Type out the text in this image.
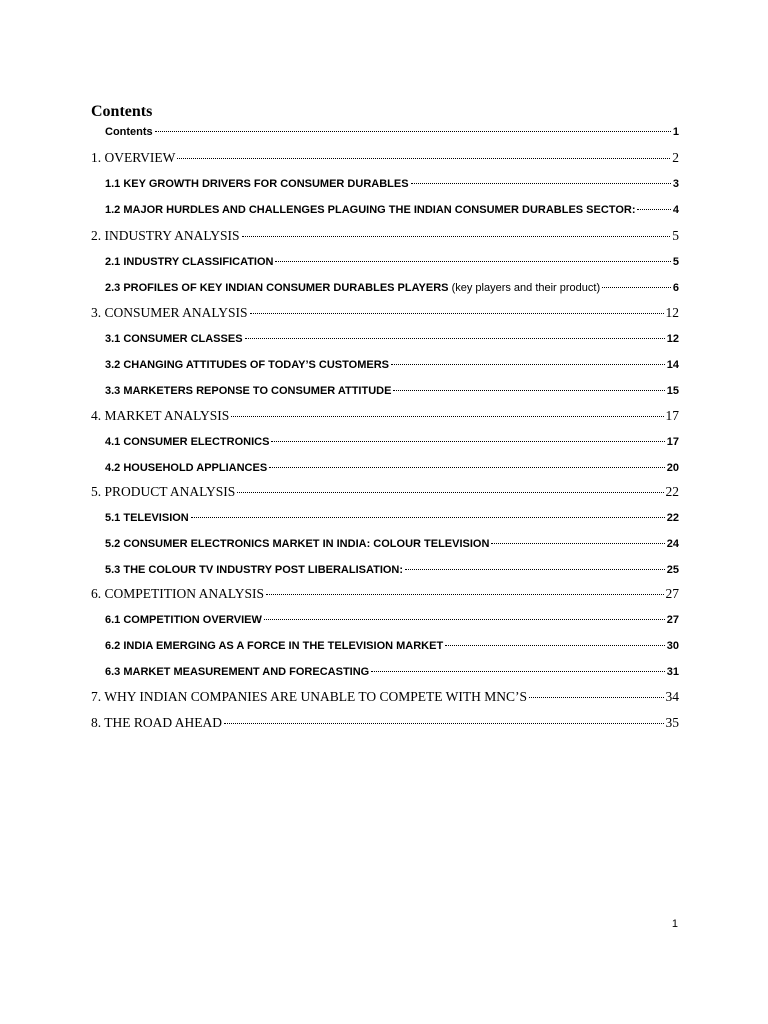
Contents
Contents	1
1. OVERVIEW	2
1.1 KEY GROWTH DRIVERS FOR CONSUMER DURABLES	3
1.2 MAJOR HURDLES AND CHALLENGES PLAGUING THE INDIAN CONSUMER DURABLES SECTOR:	4
2. INDUSTRY ANALYSIS	5
2.1 INDUSTRY CLASSIFICATION	5
2.3 PROFILES OF KEY INDIAN CONSUMER DURABLES PLAYERS (key players and their product)	6
3. CONSUMER ANALYSIS	12
3.1 CONSUMER CLASSES	12
3.2 CHANGING ATTITUDES OF TODAY’S CUSTOMERS	14
3.3 MARKETERS REPONSE TO CONSUMER ATTITUDE	15
4. MARKET ANALYSIS	17
4.1 CONSUMER ELECTRONICS	17
4.2 HOUSEHOLD APPLIANCES	20
5. PRODUCT ANALYSIS	22
5.1 TELEVISION	22
5.2 CONSUMER ELECTRONICS MARKET IN INDIA: COLOUR TELEVISION	24
5.3 THE COLOUR TV INDUSTRY POST LIBERALISATION:	25
6. COMPETITION ANALYSIS	27
6.1 COMPETITION OVERVIEW	27
6.2 INDIA EMERGING AS A FORCE IN THE TELEVISION MARKET	30
6.3 MARKET MEASUREMENT AND FORECASTING	31
7. WHY INDIAN COMPANIES ARE UNABLE TO COMPETE WITH MNC’S	34
8. THE ROAD AHEAD	35
1
